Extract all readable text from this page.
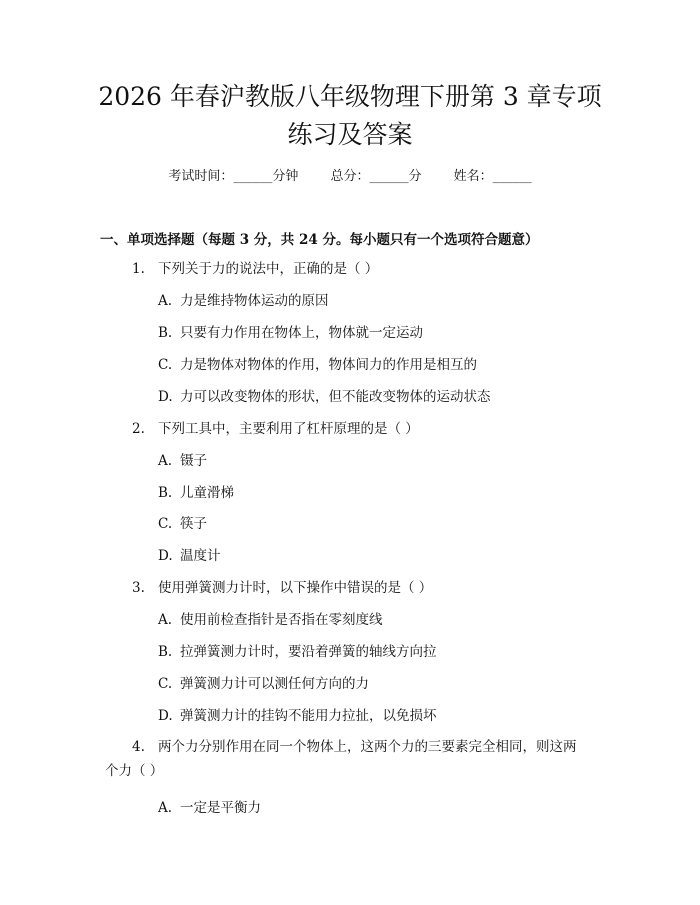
2026 年春沪教版八年级物理下册第 3 章专项
练习及答案
考试时间：______分钟 总分：______分 姓名：______
一、单项选择题（每题 3 分，共 24 分。每小题只有一个选项符合题意）
1. 下列关于力的说法中，正确的是（ ）
A. 力是维持物体运动的原因
B. 只要有力作用在物体上，物体就一定运动
C. 力是物体对物体的作用，物体间力的作用是相互的
D. 力可以改变物体的形状，但不能改变物体的运动状态
2. 下列工具中，主要利用了杠杆原理的是（ ）
A. 镊子
B. 儿童滑梯
C. 筷子
D. 温度计
3. 使用弹簧测力计时，以下操作中错误的是（ ）
A. 使用前检查指针是否指在零刻度线
B. 拉弹簧测力计时，要沿着弹簧的轴线方向拉
C. 弹簧测力计可以测任何方向的力
D. 弹簧测力计的挂钩不能用力拉扯，以免损坏
4. 两个力分别作用在同一个物体上，这两个力的三要素完全相同，则这两个力（ ）
A. 一定是平衡力
